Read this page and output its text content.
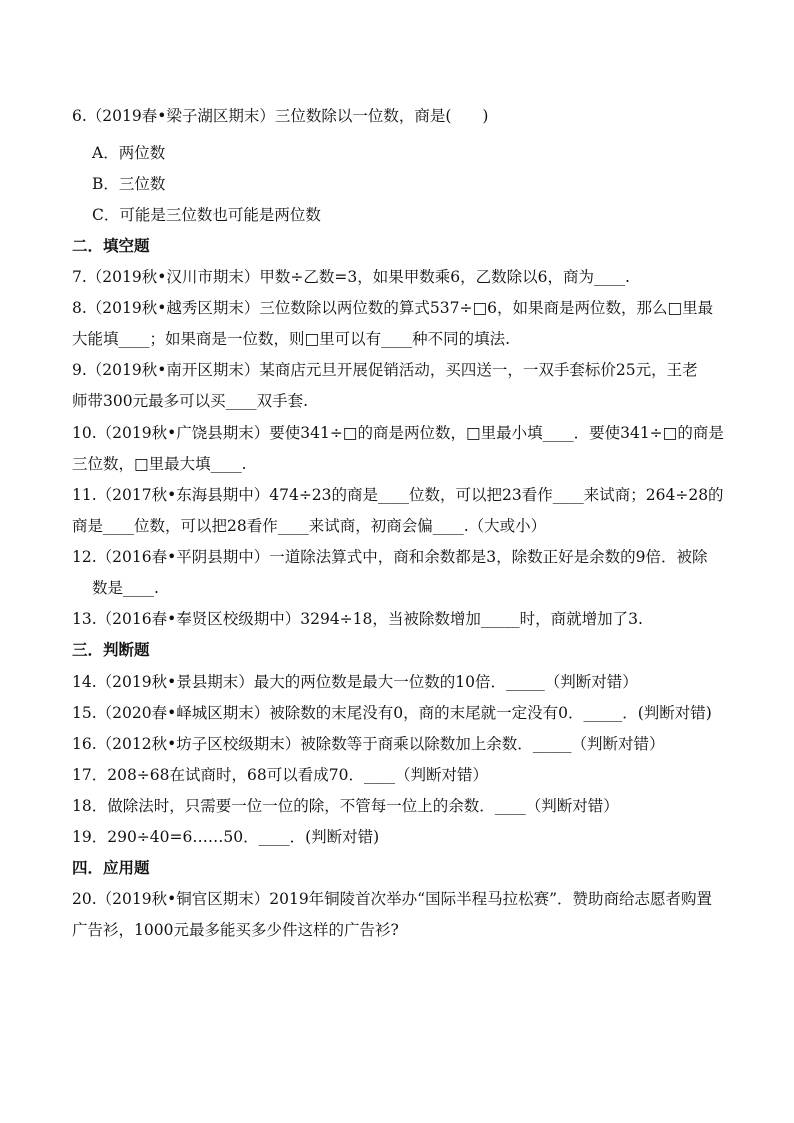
6.（2019春•梁子湖区期末）三位数除以一位数，商是(　　)
A．两位数
B．三位数
C．可能是三位数也可能是两位数
二．填空题
7.（2019秋•汉川市期末）甲数÷乙数=3，如果甲数乘6，乙数除以6，商为____.
8.（2019秋•越秀区期末）三位数除以两位数的算式537÷□6，如果商是两位数，那么□里最
大能填____；如果商是一位数，则□里可以有____种不同的填法.
9.（2019秋•南开区期末）某商店元旦开展促销活动，买四送一，一双手套标价25元，王老
师带300元最多可以买____双手套.
10.（2019秋•广饶县期末）要使341÷□的商是两位数，□里最小填____．要使341÷□的商是
三位数，□里最大填____.
11.（2017秋•东海县期中）474÷23的商是____位数，可以把23看作____来试商；264÷28的
商是____位数，可以把28看作____来试商，初商会偏____.（大或小）
12.（2016春•平阴县期中）一道除法算式中，商和余数都是3，除数正好是余数的9倍．被除
数是____.
13.（2016春•奉贤区校级期中）3294÷18，当被除数增加_____时，商就增加了3.
三．判断题
14.（2019秋•景县期末）最大的两位数是最大一位数的10倍．_____（判断对错）
15.（2020春•峄城区期末）被除数的末尾没有0，商的末尾就一定没有0．_____．(判断对错)
16.（2012秋•坊子区校级期末）被除数等于商乘以除数加上余数．_____（判断对错）
17．208÷68在试商时，68可以看成70．____（判断对错）
18．做除法时，只需要一位一位的除，不管每一位上的余数．____（判断对错）
19．290÷40=6……50．____．(判断对错)
四．应用题
20.（2019秋•铜官区期末）2019年铜陵首次举办“国际半程马拉松赛”．赞助商给志愿者购置
广告衫，1000元最多能买多少件这样的广告衫?
